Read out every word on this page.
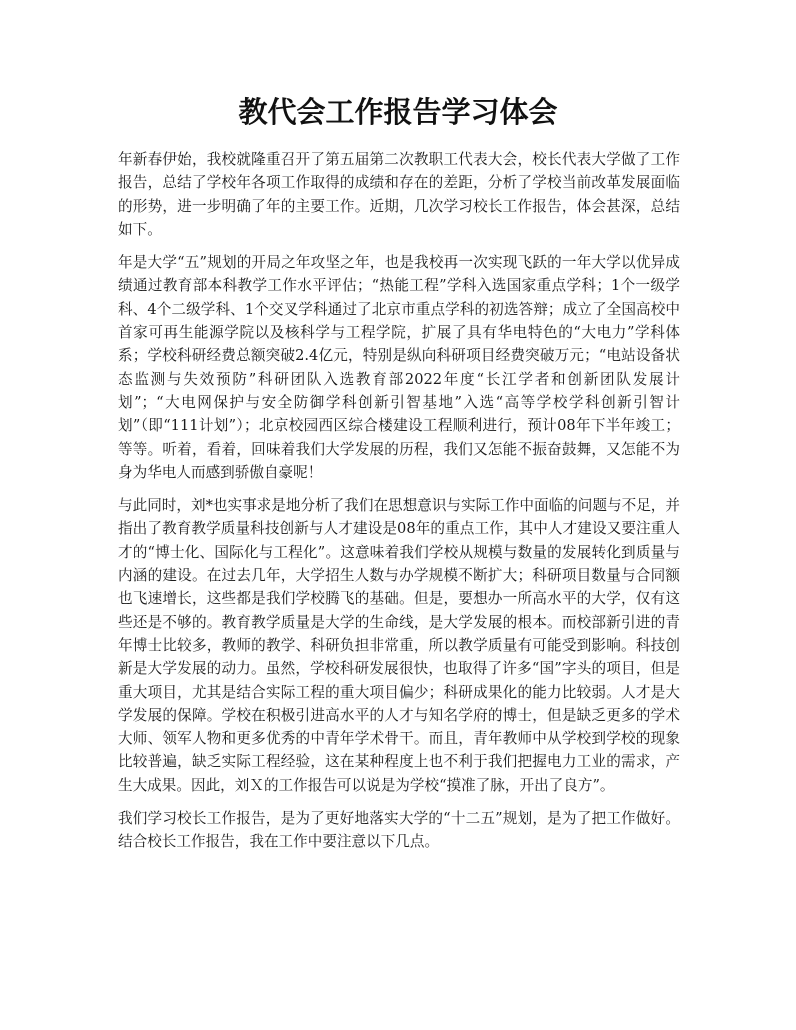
教代会工作报告学习体会

年新春伊始，我校就隆重召开了第五届第二次教职工代表大会，校长代表大学做了工作报告，总结了学校年各项工作取得的成绩和存在的差距，分析了学校当前改革发展面临的形势，进一步明确了年的主要工作。近期，几次学习校长工作报告，体会甚深，总结如下。

年是大学“五”规划的开局之年攻坚之年，也是我校再一次实现飞跃的一年大学以优异成绩通过教育部本科教学工作水平评估；“热能工程”学科入选国家重点学科；1个一级学科、4个二级学科、1个交叉学科通过了北京市重点学科的初选答辩；成立了全国高校中首家可再生能源学院以及核科学与工程学院，扩展了具有华电特色的“大电力”学科体系；学校科研经费总额突破2.4亿元，特别是纵向科研项目经费突破万元；“电站设备状态监测与失效预防”科研团队入选教育部2022年度“长江学者和创新团队发展计划”；“大电网保护与安全防御学科创新引智基地”入选“高等学校学科创新引智计划”（即“111计划”）；北京校园西区综合楼建设工程顺利进行，预计08年下半年竣工；等等。听着，看着，回味着我们大学发展的历程，我们又怎能不振奋鼓舞，又怎能不为身为华电人而感到骄傲自豪呢！

与此同时，刘*也实事求是地分析了我们在思想意识与实际工作中面临的问题与不足，并指出了教育教学质量科技创新与人才建设是08年的重点工作，其中人才建设又要注重人才的“博士化、国际化与工程化”。这意味着我们学校从规模与数量的发展转化到质量与内涵的建设。在过去几年，大学招生人数与办学规模不断扩大；科研项目数量与合同额也飞速增长，这些都是我们学校腾飞的基础。但是，要想办一所高水平的大学，仅有这些还是不够的。教育教学质量是大学的生命线，是大学发展的根本。而校部新引进的青年博士比较多，教师的教学、科研负担非常重，所以教学质量有可能受到影响。科技创新是大学发展的动力。虽然，学校科研发展很快，也取得了许多“国”字头的项目，但是重大项目，尤其是结合实际工程的重大项目偏少；科研成果化的能力比较弱。人才是大学发展的保障。学校在积极引进高水平的人才与知名学府的博士，但是缺乏更多的学术大师、领军人物和更多优秀的中青年学术骨干。而且，青年教师中从学校到学校的现象比较普遍，缺乏实际工程经验，这在某种程度上也不利于我们把握电力工业的需求，产生大成果。因此，刘Ｘ的工作报告可以说是为学校“摸准了脉，开出了良方”。

我们学习校长工作报告，是为了更好地落实大学的“十二五”规划，是为了把工作做好。结合校长工作报告，我在工作中要注意以下几点。
